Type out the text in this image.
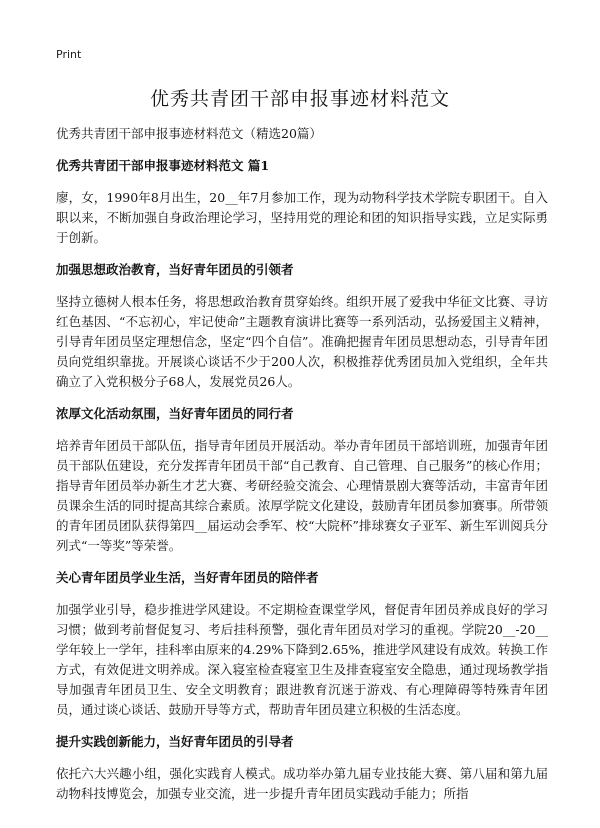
Print
优秀共青团干部申报事迹材料范文

优秀共青团干部申报事迹材料范文（精选20篇）

优秀共青团干部申报事迹材料范文 篇1

廖，女，1990年8月出生，20__年7月参加工作，现为动物科学技术学院专职团干。自入职以来，不断加强自身政治理论学习，坚持用党的理论和团的知识指导实践，立足实际勇于创新。

加强思想政治教育，当好青年团员的引领者

坚持立德树人根本任务，将思想政治教育贯穿始终。组织开展了爱我中华征文比赛、寻访红色基因、“不忘初心，牢记使命”主题教育演讲比赛等一系列活动，弘扬爱国主义精神，引导青年团员坚定理想信念，坚定“四个自信”。准确把握青年团员思想动态，引导青年团员向党组织靠拢。开展谈心谈话不少于200人次，积极推荐优秀团员加入党组织，全年共确立了入党积极分子68人，发展党员26人。

浓厚文化活动氛围，当好青年团员的同行者

培养青年团员干部队伍，指导青年团员开展活动。举办青年团员干部培训班，加强青年团员干部队伍建设，充分发挥青年团员干部“自己教育、自己管理、自己服务”的核心作用；指导青年团员举办新生才艺大赛、考研经验交流会、心理情景剧大赛等活动，丰富青年团员课余生活的同时提高其综合素质。浓厚学院文化建设，鼓励青年团员参加赛事。所带领的青年团员团队获得第四__届运动会季军、校“大院杯”排球赛女子亚军、新生军训阅兵分列式“一等奖”等荣誉。

关心青年团员学业生活，当好青年团员的陪伴者

加强学业引导，稳步推进学风建设。不定期检查课堂学风，督促青年团员养成良好的学习习惯；做到考前督促复习、考后挂科预警，强化青年团员对学习的重视。学院20__-20__学年较上一学年，挂科率由原来的4.29%下降到2.65%，推进学风建设有成效。转换工作方式，有效促进文明养成。深入寝室检查寝室卫生及排查寝室安全隐患，通过现场教学指导加强青年团员卫生、安全文明教育；跟进教育沉迷于游戏、有心理障碍等特殊青年团员，通过谈心谈话、鼓励开导等方式，帮助青年团员建立积极的生活态度。

提升实践创新能力，当好青年团员的引导者

依托六大兴趣小组，强化实践育人模式。成功举办第九届专业技能大赛、第八届和第九届动物科技博览会，加强专业交流，进一步提升青年团员实践动手能力；所指
